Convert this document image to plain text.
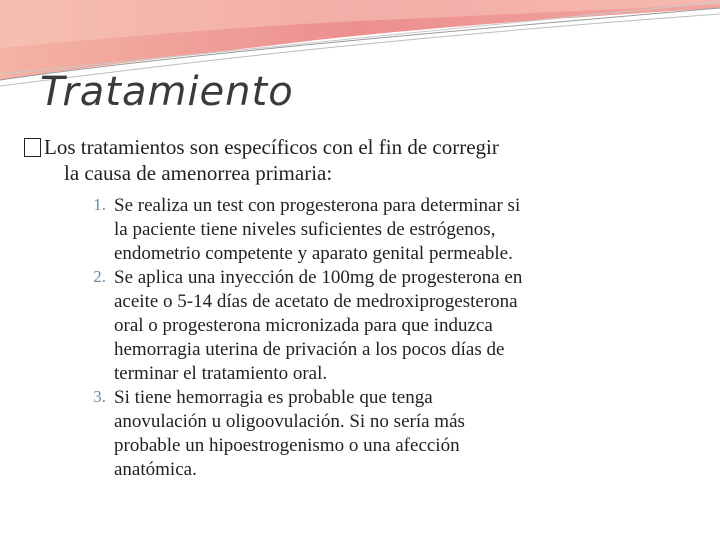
Tratamiento
Los tratamientos son específicos con el fin de corregir
la causa de amenorrea primaria:
1. Se realiza un test con progesterona para determinar si
la paciente tiene niveles suficientes de estrógenos,
endometrio competente y aparato genital permeable.
2. Se aplica una inyección de 100mg de progesterona en
aceite o 5-14 días de acetato de medroxiprogesterona
oral o progesterona micronizada para que induzca
hemorragia uterina de privación a los pocos días de
terminar el tratamiento oral.
3. Si tiene hemorragia es probable que tenga
anovulación u oligoovulación. Si no sería más
probable un hipoestrogenismo o una afección
anatómica.
